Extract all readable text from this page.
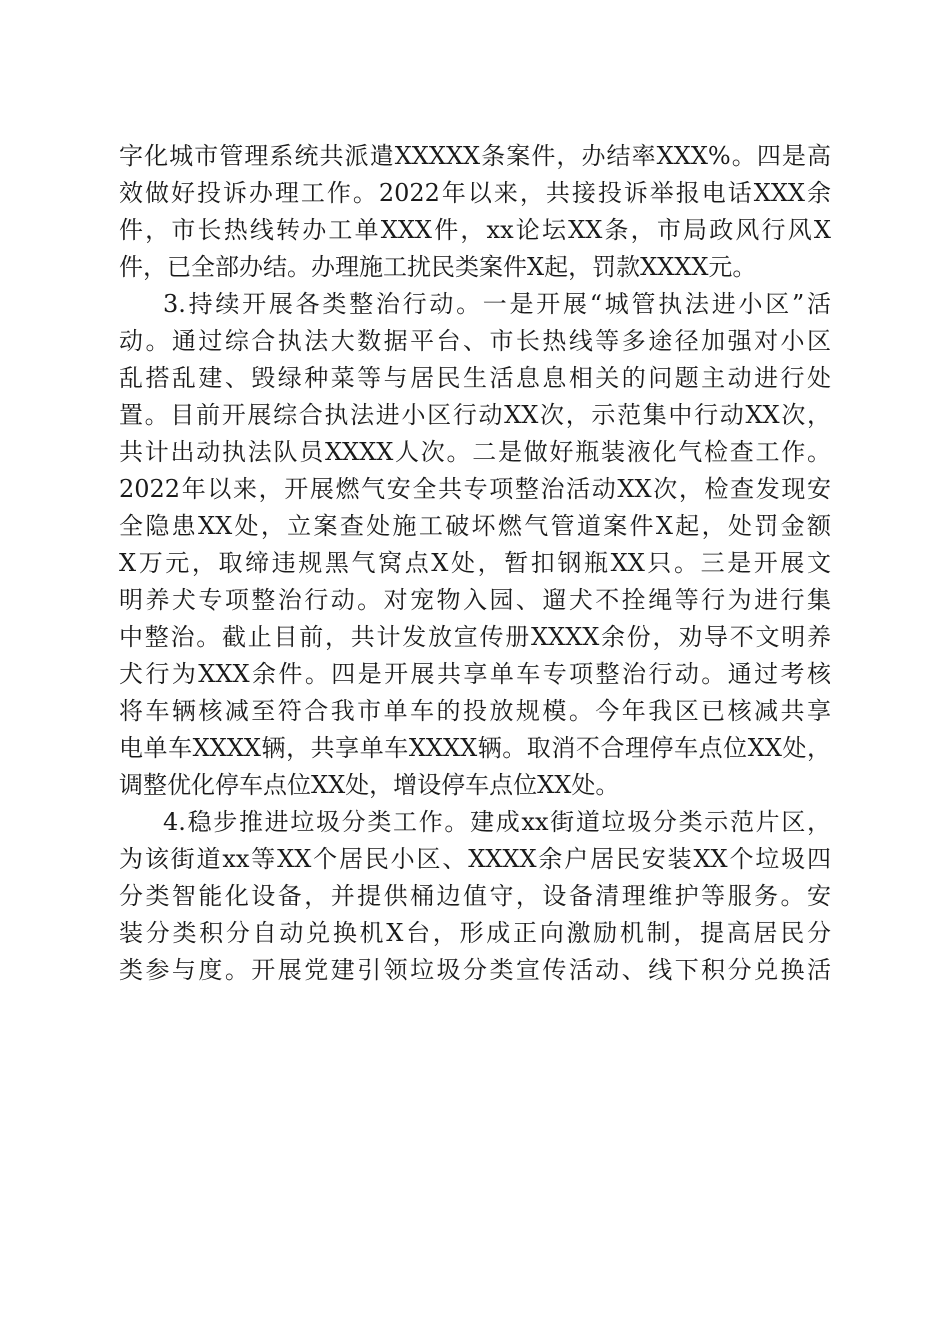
字化城市管理系统共派遣XXXXX条案件，办结率XXX%。四是高
效做好投诉办理工作。2022年以来，共接投诉举报电话XXX余
件，市长热线转办工单XXX件，xx论坛XX条，市局政风行风X
件，已全部办结。办理施工扰民类案件X起，罚款XXXX元。
3.持续开展各类整治行动。一是开展“城管执法进小区”活
动。通过综合执法大数据平台、市长热线等多途径加强对小区
乱搭乱建、毁绿种菜等与居民生活息息相关的问题主动进行处
置。目前开展综合执法进小区行动XX次，示范集中行动XX次，
共计出动执法队员XXXX人次。二是做好瓶装液化气检查工作。
2022年以来，开展燃气安全共专项整治活动XX次，检查发现安
全隐患XX处，立案查处施工破坏燃气管道案件X起，处罚金额
X万元，取缔违规黑气窝点X处，暂扣钢瓶XX只。三是开展文
明养犬专项整治行动。对宠物入园、遛犬不拴绳等行为进行集
中整治。截止目前，共计发放宣传册XXXX余份，劝导不文明养
犬行为XXX余件。四是开展共享单车专项整治行动。通过考核
将车辆核减至符合我市单车的投放规模。今年我区已核减共享
电单车XXXX辆，共享单车XXXX辆。取消不合理停车点位XX处，
调整优化停车点位XX处，增设停车点位XX处。
4.稳步推进垃圾分类工作。建成xx街道垃圾分类示范片区，
为该街道xx等XX个居民小区、XXXX余户居民安装XX个垃圾四
分类智能化设备，并提供桶边值守，设备清理维护等服务。安
装分类积分自动兑换机X台，形成正向激励机制，提高居民分
类参与度。开展党建引领垃圾分类宣传活动、线下积分兑换活
